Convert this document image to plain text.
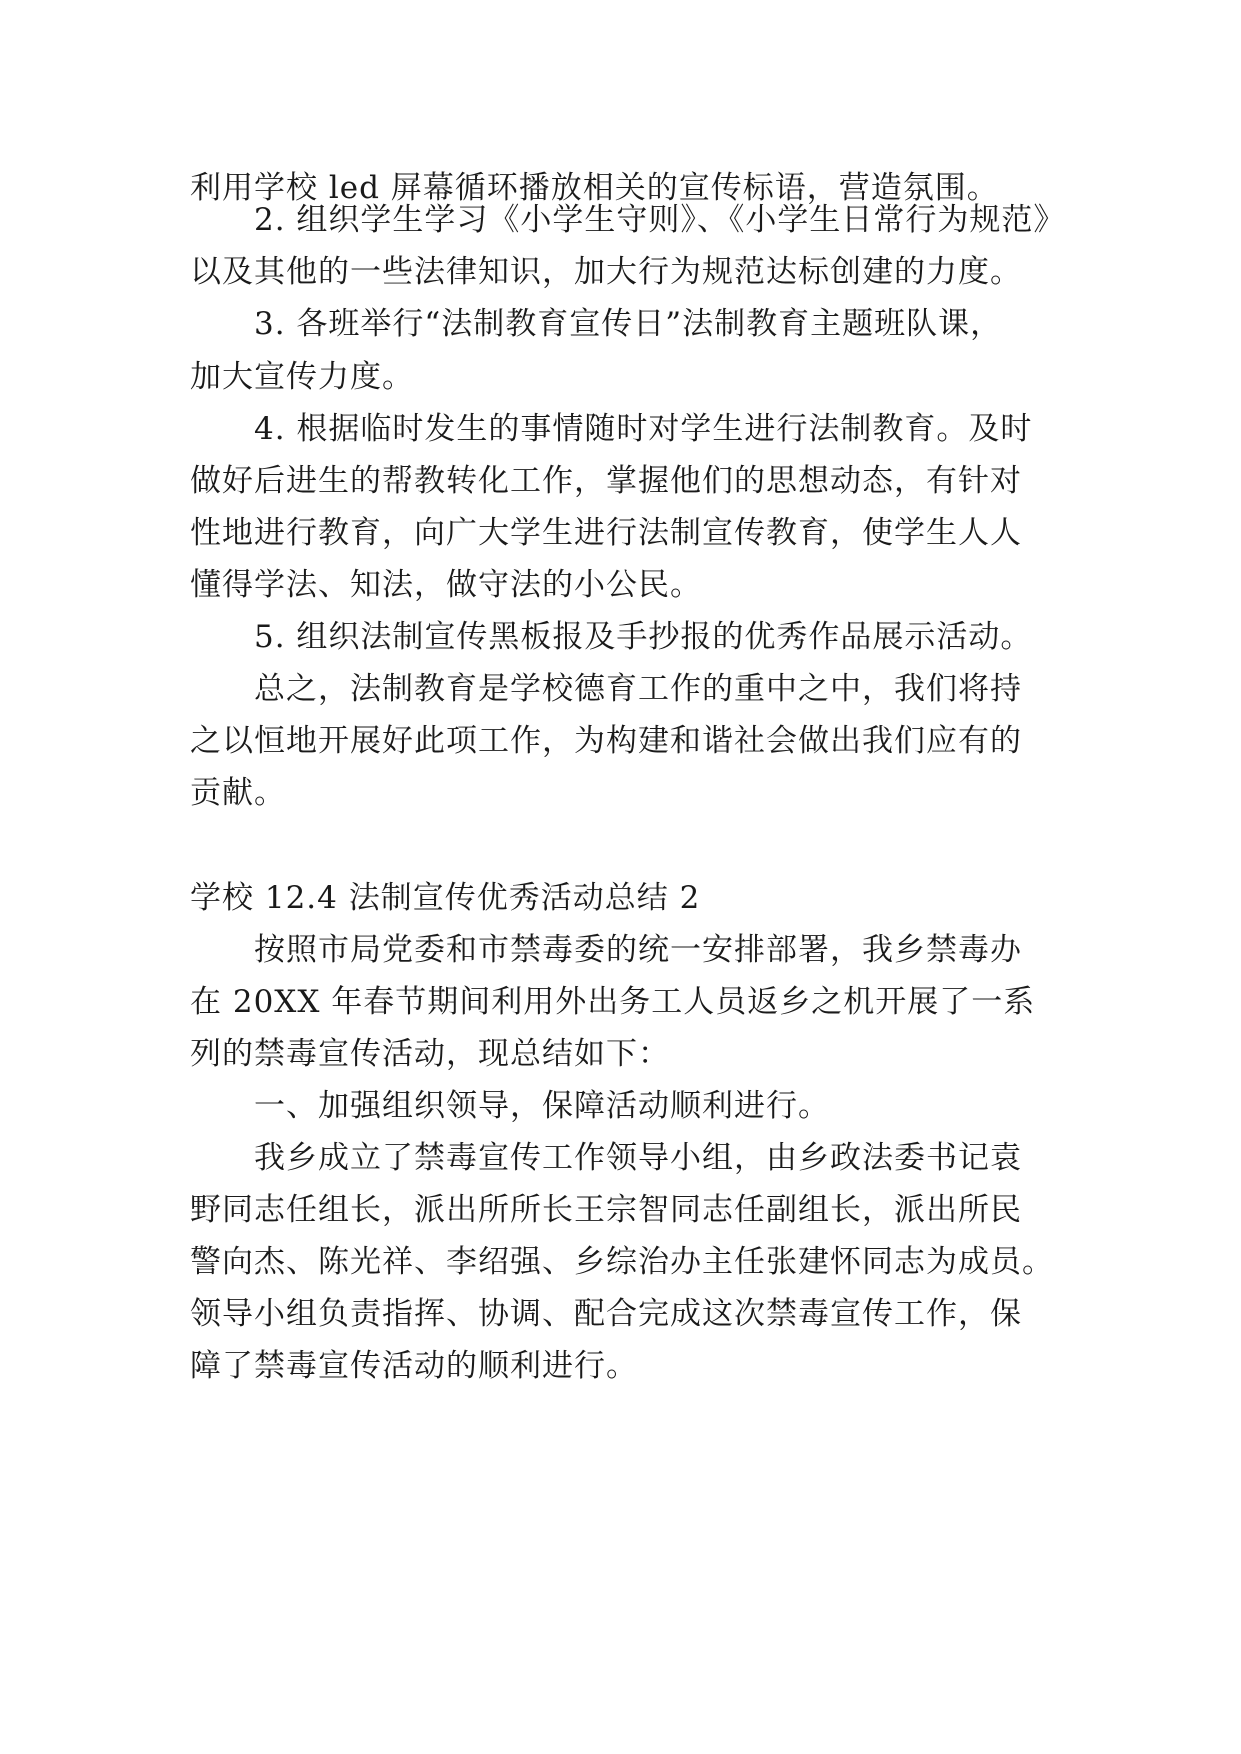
利用学校 led 屏幕循环播放相关的宣传标语，营造氛围。
2. 组织学生学习《小学生守则》、《小学生日常行为规范》
以及其他的一些法律知识，加大行为规范达标创建的力度。
3. 各班举行“法制教育宣传日”法制教育主题班队课，
加大宣传力度。
4. 根据临时发生的事情随时对学生进行法制教育。及时
做好后进生的帮教转化工作，掌握他们的思想动态，有针对
性地进行教育，向广大学生进行法制宣传教育，使学生人人
懂得学法、知法，做守法的小公民。
5. 组织法制宣传黑板报及手抄报的优秀作品展示活动。
总之，法制教育是学校德育工作的重中之中，我们将持
之以恒地开展好此项工作，为构建和谐社会做出我们应有的
贡献。
学校 12.4 法制宣传优秀活动总结 2
按照市局党委和市禁毒委的统一安排部署，我乡禁毒办
在 20XX 年春节期间利用外出务工人员返乡之机开展了一系
列的禁毒宣传活动，现总结如下：
一、加强组织领导，保障活动顺利进行。
我乡成立了禁毒宣传工作领导小组，由乡政法委书记袁
野同志任组长，派出所所长王宗智同志任副组长，派出所民
警向杰、陈光祥、李绍强、乡综治办主任张建怀同志为成员。
领导小组负责指挥、协调、配合完成这次禁毒宣传工作，保
障了禁毒宣传活动的顺利进行。
